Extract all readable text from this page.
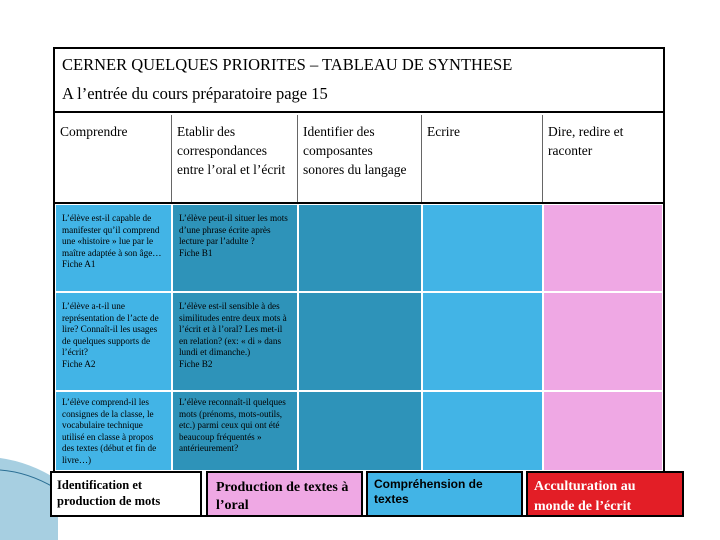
CERNER QUELQUES PRIORITES – TABLEAU DE SYNTHESE
A l’entrée du cours préparatoire page 15
Comprendre	Etablir des correspondances entre l’oral et l’écrit
Identifier des composantes sonores du langage
Ecrire	Dire, redire et raconter
L’élève est-il capable de manifester qu’il comprend une «histoire » lue par le maître adaptée à son âge…
Fiche A1
L’élève peut-il situer les mots d’une phrase écrite après lecture par l’adulte ?
Fiche B1
L’élève a-t-il une représentation de l’acte de lire? Connaît-il les usages de quelques supports de l’écrit?
Fiche A2
L’élève est-il sensible à des similitudes entre deux mots à l’écrit et à l’oral? Les met-il en relation? (ex: « di » dans lundi et dimanche.)
Fiche B2
L’élève comprend-il les consignes de la classe, le vocabulaire technique utilisé en classe à propos des textes (début et fin de livre…)
L’élève reconnaît-il quelques mots (prénoms, mots-outils, etc.) parmi ceux qui ont été beaucoup fréquentés » antérieurement?
Identification et production de mots
Production de textes à l’oral
Compréhension de textes
Acculturation au monde de l’écrit
